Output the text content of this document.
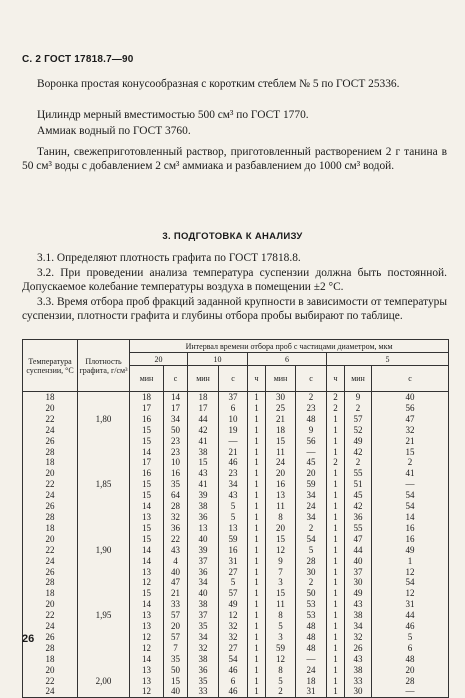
С. 2 ГОСТ 17818.7—90
Воронка простая конусообразная с коротким стеблем № 5 по ГОСТ 25336.
Цилиндр мерный вместимостью 500 см³ по ГОСТ 1770.
Аммиак водный по ГОСТ 3760.
Танин, свежеприготовленный раствор, приготовленный растворением 2 г танина в 50 см³ воды с добавлением 2 см³ аммиака и разбавлением до 1000 см³ водой.
3. ПОДГОТОВКА К АНАЛИЗУ
3.1. Определяют плотность графита по ГОСТ 17818.8.
3.2. При проведении анализа температура суспензии должна быть постоянной. Допускаемое колебание температуры воздуха в помещении ±2 °С.
3.3. Время отбора проб фракций заданной крупности в зависимости от температуры суспензии, плотности графита и глубины отбора пробы выбирают по таблице.
Температура суспензии, °С	Плотность графита, г/см³	Интервал времени отбора проб с частицами диаметром, мкм									
		20		10		6			5		
		мин	с	мин	с	ч	мин	с	ч	мин	с
18		18	14	18	37	1	30	2	2	9	40
20		17	17	17	6	1	25	23	2	2	56
22	1,80	16	34	44	10	1	21	48	1	57	47
24		15	50	42	19	1	18	9	1	52	32
26		15	23	41	—	1	15	56	1	49	21
28		14	23	38	21	1	11	—	1	42	15
18		17	10	15	46	1	24	45	2	2	2
20		16	16	43	23	1	20	20	1	55	41
22	1,85	15	35	41	34	1	16	59	1	51	—
24		15	64	39	43	1	13	34	1	45	54
26		14	28	38	5	1	11	24	1	42	54
28		13	32	36	5	1	8	34	1	36	14
18		15	36	13	13	1	20	2	1	55	16
20		15	22	40	59	1	15	54	1	47	16
22	1,90	14	43	39	16	1	12	5	1	44	49
24		14	4	37	31	1	9	28	1	40	1
26		13	40	36	27	1	7	30	1	37	12
28		12	47	34	5	1	3	2	1	30	54
18		15	21	40	57	1	15	50	1	49	12
20		14	33	38	49	1	11	53	1	43	31
22	1,95	13	57	37	12	1	8	53	1	38	44
24		13	20	35	32	1	5	48	1	34	46
26		12	57	34	32	1	3	48	1	32	5
28		12	7	32	27	1	59	48	1	26	6
18		14	35	38	54	1	12	—	1	43	48
20		13	50	36	46	1	8	24	1	38	20
22	2,00	13	15	35	6	1	5	18	1	33	28
24		12	40	33	46	1	2	31	1	30	—
26
